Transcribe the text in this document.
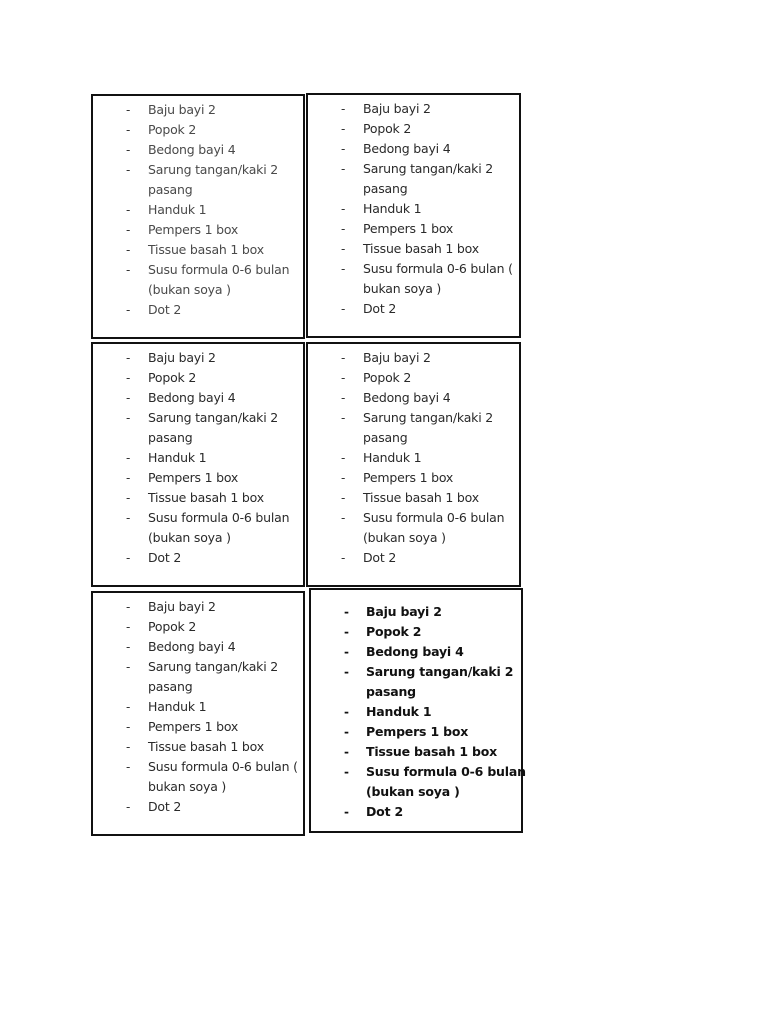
- Baju bayi 2
- Popok 2
- Bedong bayi 4
- Sarung tangan/kaki 2
pasang
- Handuk 1
- Pempers 1 box
- Tissue basah 1 box
- Susu formula 0-6 bulan
(bukan soya )
- Dot 2
- Baju bayi 2
- Popok 2
- Bedong bayi 4
- Sarung tangan/kaki 2
pasang
- Handuk 1
- Pempers 1 box
- Tissue basah 1 box
- Susu formula 0-6 bulan (
bukan soya )
- Dot 2
- Baju bayi 2
- Popok 2
- Bedong bayi 4
- Sarung tangan/kaki 2
pasang
- Handuk 1
- Pempers 1 box
- Tissue basah 1 box
- Susu formula 0-6 bulan
(bukan soya )
- Dot 2
- Baju bayi 2
- Popok 2
- Bedong bayi 4
- Sarung tangan/kaki 2
pasang
- Handuk 1
- Pempers 1 box
- Tissue basah 1 box
- Susu formula 0-6 bulan
(bukan soya )
- Dot 2
- Baju bayi 2
- Popok 2
- Bedong bayi 4
- Sarung tangan/kaki 2
pasang
- Handuk 1
- Pempers 1 box
- Tissue basah 1 box
- Susu formula 0-6 bulan (
bukan soya )
- Dot 2
- Baju bayi 2
- Popok 2
- Bedong bayi 4
- Sarung tangan/kaki 2
pasang
- Handuk 1
- Pempers 1 box
- Tissue basah 1 box
- Susu formula 0-6 bulan
(bukan soya )
- Dot 2
